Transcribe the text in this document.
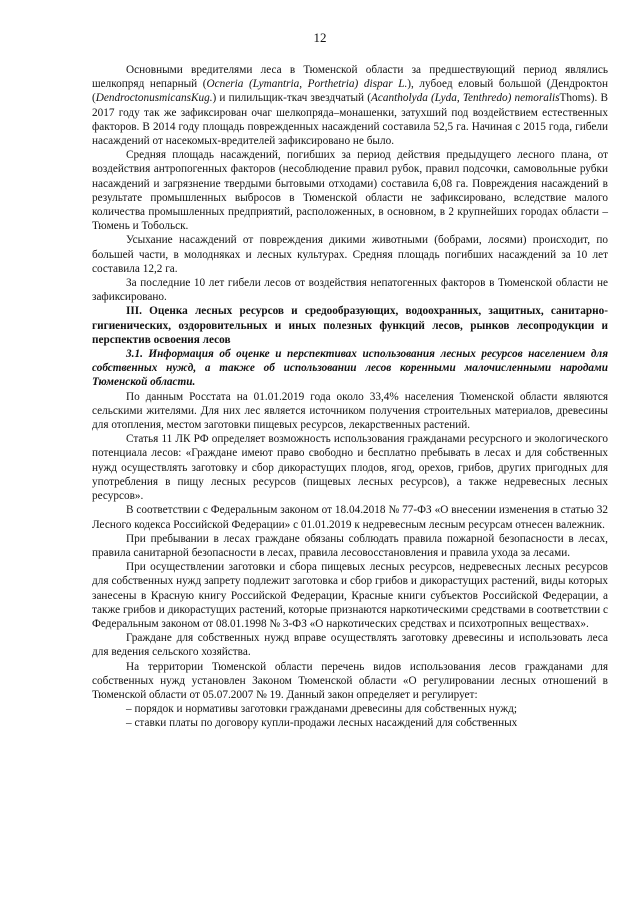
12

Основными вредителями леса в Тюменской области за предшествующий период являлись шелкопряд непарный (Ocneria (Lymantria, Porthetria) dispar L.), лубоед еловый большой (Дендроктон (DendroctonusmicansKug.) и пилильщик-ткач звездчатый (Acantholyda (Lyda, Tenthredo) nemoralisThoms). В 2017 году так же зафиксирован очаг шелкопряда–монашенки, затухший под воздействием естественных факторов. В 2014 году площадь поврежденных насаждений составила 52,5 га. Начиная с 2015 года, гибели насаждений от насекомых-вредителей зафиксировано не было.

Средняя площадь насаждений, погибших за период действия предыдущего лесного плана, от воздействия антропогенных факторов (несоблюдение правил рубок, правил подсочки, самовольные рубки насаждений и загрязнение твердыми бытовыми отходами) составила 6,08 га. Повреждения насаждений в результате промышленных выбросов в Тюменской области не зафиксировано, вследствие малого количества промышленных предприятий, расположенных, в основном, в 2 крупнейших городах области – Тюмень и Тобольск.

Усыхание насаждений от повреждения дикими животными (бобрами, лосями) происходит, по большей части, в молодняках и лесных культурах. Средняя площадь погибших насаждений за 10 лет составила 12,2 га.

За последние 10 лет гибели лесов от воздействия непатогенных факторов в Тюменской области не зафиксировано.

III. Оценка лесных ресурсов и средообразующих, водоохранных, защитных, санитарно-гигиенических, оздоровительных и иных полезных функций лесов, рынков лесопродукции и перспектив освоения лесов

3.1. Информация об оценке и перспективах использования лесных ресурсов населением для собственных нужд, а также об использовании лесов коренными малочисленными народами Тюменской области.

По данным Росстата на 01.01.2019 года около 33,4% населения Тюменской области являются сельскими жителями. Для них лес является источником получения строительных материалов, древесины для отопления, местом заготовки пищевых ресурсов, лекарственных растений.

Статья 11 ЛК РФ определяет возможность использования гражданами ресурсного и экологического потенциала лесов: «Граждане имеют право свободно и бесплатно пребывать в лесах и для собственных нужд осуществлять заготовку и сбор дикорастущих плодов, ягод, орехов, грибов, других пригодных для употребления в пищу лесных ресурсов (пищевых лесных ресурсов), а также недревесных лесных ресурсов».

В соответствии с Федеральным законом от 18.04.2018 № 77-ФЗ «О внесении изменения в статью 32 Лесного кодекса Российской Федерации» с 01.01.2019 к недревесным лесным ресурсам отнесен валежник.

При пребывании в лесах граждане обязаны соблюдать правила пожарной безопасности в лесах, правила санитарной безопасности в лесах, правила лесовосстановления и правила ухода за лесами.

При осуществлении заготовки и сбора пищевых лесных ресурсов, недревесных лесных ресурсов для собственных нужд запрету подлежит заготовка и сбор грибов и дикорастущих растений, виды которых занесены в Красную книгу Российской Федерации, Красные книги субъектов Российской Федерации, а также грибов и дикорастущих растений, которые признаются наркотическими средствами в соответствии с Федеральным законом от 08.01.1998 № 3-ФЗ «О наркотических средствах и психотропных веществах».

Граждане для собственных нужд вправе осуществлять заготовку древесины и использовать леса для ведения сельского хозяйства.

На территории Тюменской области перечень видов использования лесов гражданами для собственных нужд установлен Законом Тюменской области «О регулировании лесных отношений в Тюменской области от 05.07.2007 № 19. Данный закон определяет и регулирует:

– порядок и нормативы заготовки гражданами древесины для собственных нужд;

– ставки платы по договору купли-продажи лесных насаждений для собственных
